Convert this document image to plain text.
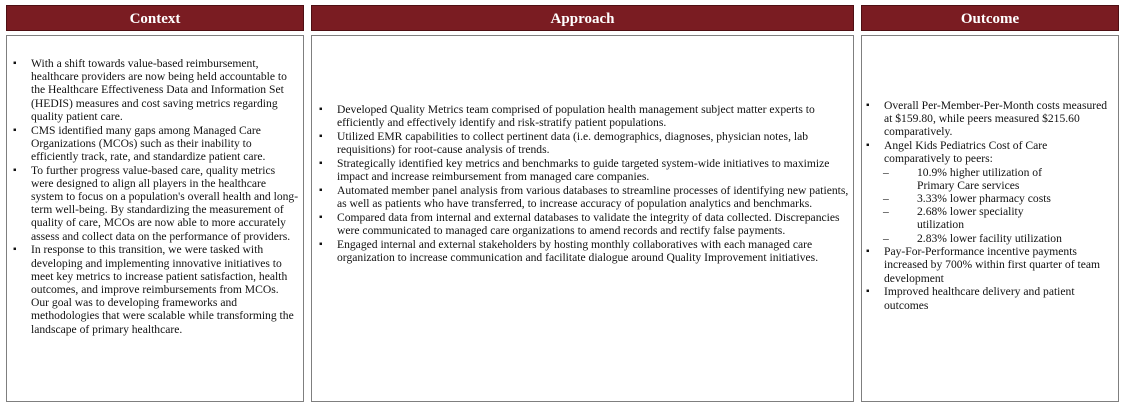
Context
▪ With a shift towards value-based reimbursement, healthcare providers are now being held accountable to the Healthcare Effectiveness Data and Information Set (HEDIS) measures and cost saving metrics regarding quality patient care.
▪ CMS identified many gaps among Managed Care Organizations (MCOs) such as their inability to efficiently track, rate, and standardize patient care.
▪ To further progress value-based care, quality metrics were designed to align all players in the healthcare system to focus on a population's overall health and long-term well-being. By standardizing the measurement of quality of care, MCOs are now able to more accurately assess and collect data on the performance of providers.
▪ In response to this transition, we were tasked with developing and implementing innovative initiatives to meet key metrics to increase patient satisfaction, health outcomes, and improve reimbursements from MCOs. Our goal was to developing frameworks and methodologies that were scalable while transforming the landscape of primary healthcare.
Approach
▪ Developed Quality Metrics team comprised of population health management subject matter experts to efficiently and effectively identify and risk-stratify patient populations.
▪ Utilized EMR capabilities to collect pertinent data (i.e. demographics, diagnoses, physician notes, lab requisitions) for root-cause analysis of trends.
▪ Strategically identified key metrics and benchmarks to guide targeted system-wide initiatives to maximize impact and increase reimbursement from managed care companies.
▪ Automated member panel analysis from various databases to streamline processes of identifying new patients, as well as patients who have transferred, to increase accuracy of population analytics and benchmarks.
▪ Compared data from internal and external databases to validate the integrity of data collected. Discrepancies were communicated to managed care organizations to amend records and rectify false payments.
▪ Engaged internal and external stakeholders by hosting monthly collaboratives with each managed care organization to increase communication and facilitate dialogue around Quality Improvement initiatives.
Outcome
▪ Overall Per-Member-Per-Month costs measured at $159.80, while peers measured $215.60 comparatively.
▪ Angel Kids Pediatrics Cost of Care comparatively to peers:
– 10.9% higher utilization of Primary Care services
– 3.33% lower pharmacy costs
– 2.68% lower speciality utilization
– 2.83% lower facility utilization
▪ Pay-For-Performance incentive payments increased by 700% within first quarter of team development
▪ Improved healthcare delivery and patient outcomes
